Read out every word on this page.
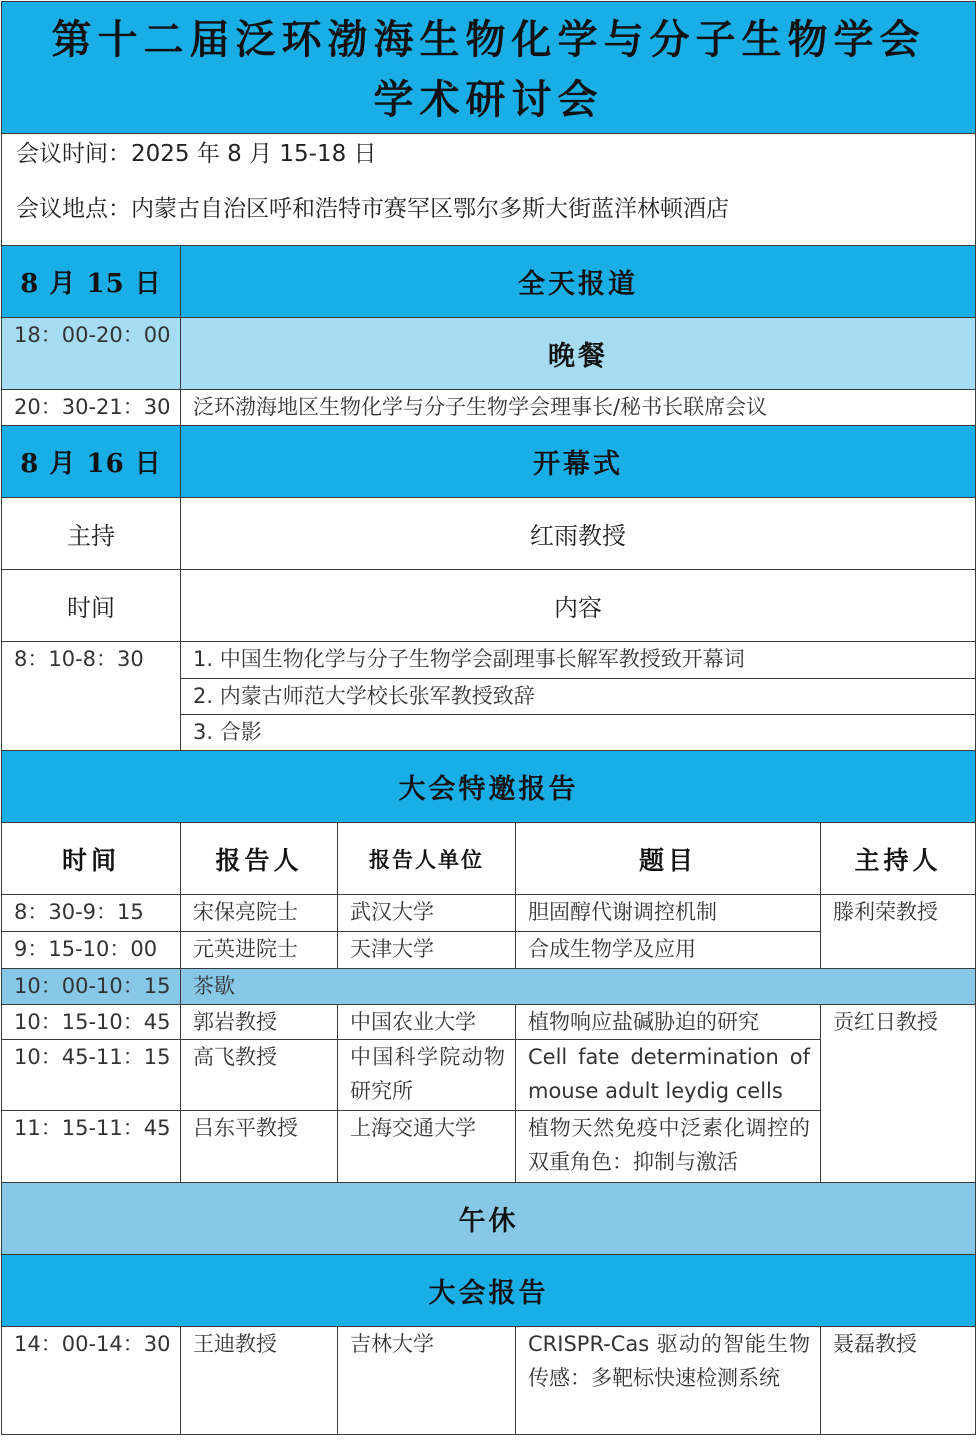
第十二届泛环渤海生物化学与分子生物学会学术研讨会				

会议时间：2025 年 8 月 15-18 日
会议地点：内蒙古自治区呼和浩特市赛罕区鄂尔多斯大街蓝洋林顿酒店				

8 月 15 日	全天报道			
18：00-20：00	晚餐			
20：30-21：30	泛环渤海地区生物化学与分子生物学会理事长/秘书长联席会议			
8 月 16 日	开幕式			
主持	红雨教授			
时间	内容			
8：10-8：30	1. 中国生物化学与分子生物学会副理事长解军教授致开幕词			
	2. 内蒙古师范大学校长张军教授致辞			
	3. 合影			
大会特邀报告				
时间	报告人	报告人单位	题目	主持人
8：30-9：15	宋保亮院士	武汉大学	胆固醇代谢调控机制	滕利荣教授
9：15-10：00	元英进院士	天津大学	合成生物学及应用	
10：00-10：15	茶歇			
10：15-10：45	郭岩教授	中国农业大学	植物响应盐碱胁迫的研究	贡红日教授
10：45-11：15	高飞教授	中国科学院动物研究所	Cell fate determination of mouse adult leydig cells	
11：15-11：45	吕东平教授	上海交通大学	植物天然免疫中泛素化调控的双重角色：抑制与激活	
午休				
大会报告				
14：00-14：30	王迪教授	吉林大学	CRISPR-Cas 驱动的智能生物传感：多靶标快速检测系统	聂磊教授
